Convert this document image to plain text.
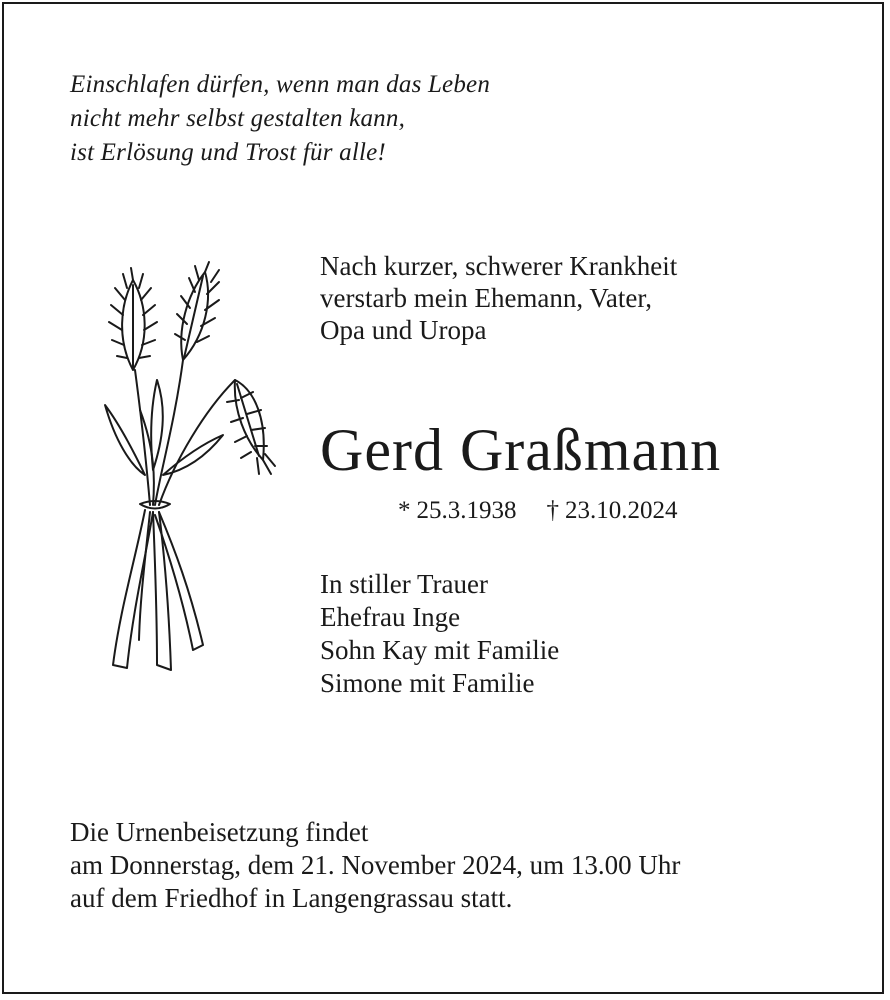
Einschlafen dürfen, wenn man das Leben
nicht mehr selbst gestalten kann,
ist Erlösung und Trost für alle!
Nach kurzer, schwerer Krankheit
verstarb mein Ehemann, Vater,
Opa und Uropa
Gerd Graßmann
* 25.3.1938 † 23.10.2024
In stiller Trauer
Ehefrau Inge
Sohn Kay mit Familie
Simone mit Familie
Die Urnenbeisetzung findet
am Donnerstag, dem 21. November 2024, um 13.00 Uhr
auf dem Friedhof in Langengrassau statt.
